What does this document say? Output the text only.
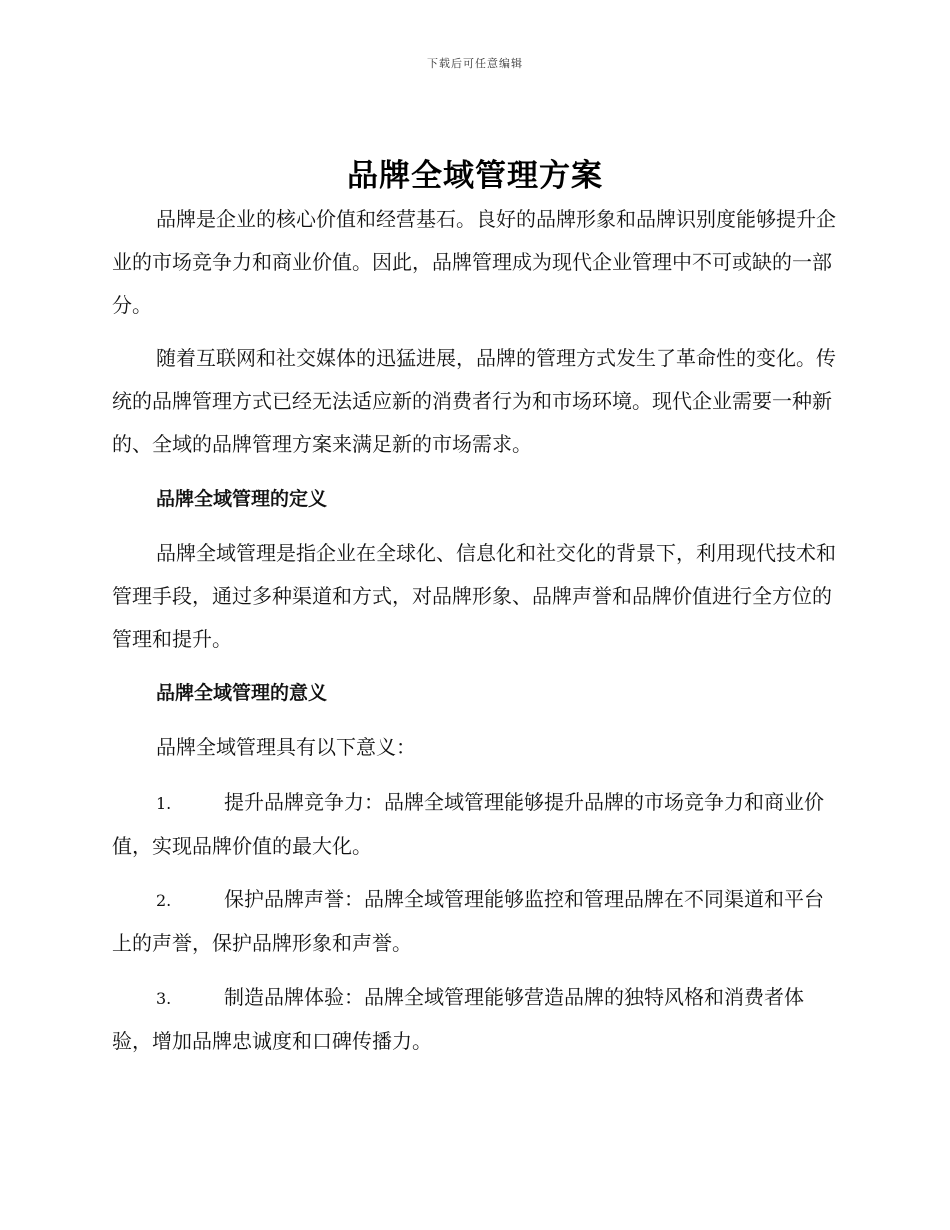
下载后可任意编辑
品牌全域管理方案

品牌是企业的核心价值和经营基石。良好的品牌形象和品牌识别度能够提升企业的市场竞争力和商业价值。因此，品牌管理成为现代企业管理中不可或缺的一部分。

随着互联网和社交媒体的迅猛进展，品牌的管理方式发生了革命性的变化。传统的品牌管理方式已经无法适应新的消费者行为和市场环境。现代企业需要一种新的、全域的品牌管理方案来满足新的市场需求。

品牌全域管理的定义

品牌全域管理是指企业在全球化、信息化和社交化的背景下，利用现代技术和管理手段，通过多种渠道和方式，对品牌形象、品牌声誉和品牌价值进行全方位的管理和提升。

品牌全域管理的意义

品牌全域管理具有以下意义：

1.	提升品牌竞争力：品牌全域管理能够提升品牌的市场竞争力和商业价值，实现品牌价值的最大化。
2.	保护品牌声誉：品牌全域管理能够监控和管理品牌在不同渠道和平台上的声誉，保护品牌形象和声誉。
3.	制造品牌体验：品牌全域管理能够营造品牌的独特风格和消费者体验，增加品牌忠诚度和口碑传播力。
